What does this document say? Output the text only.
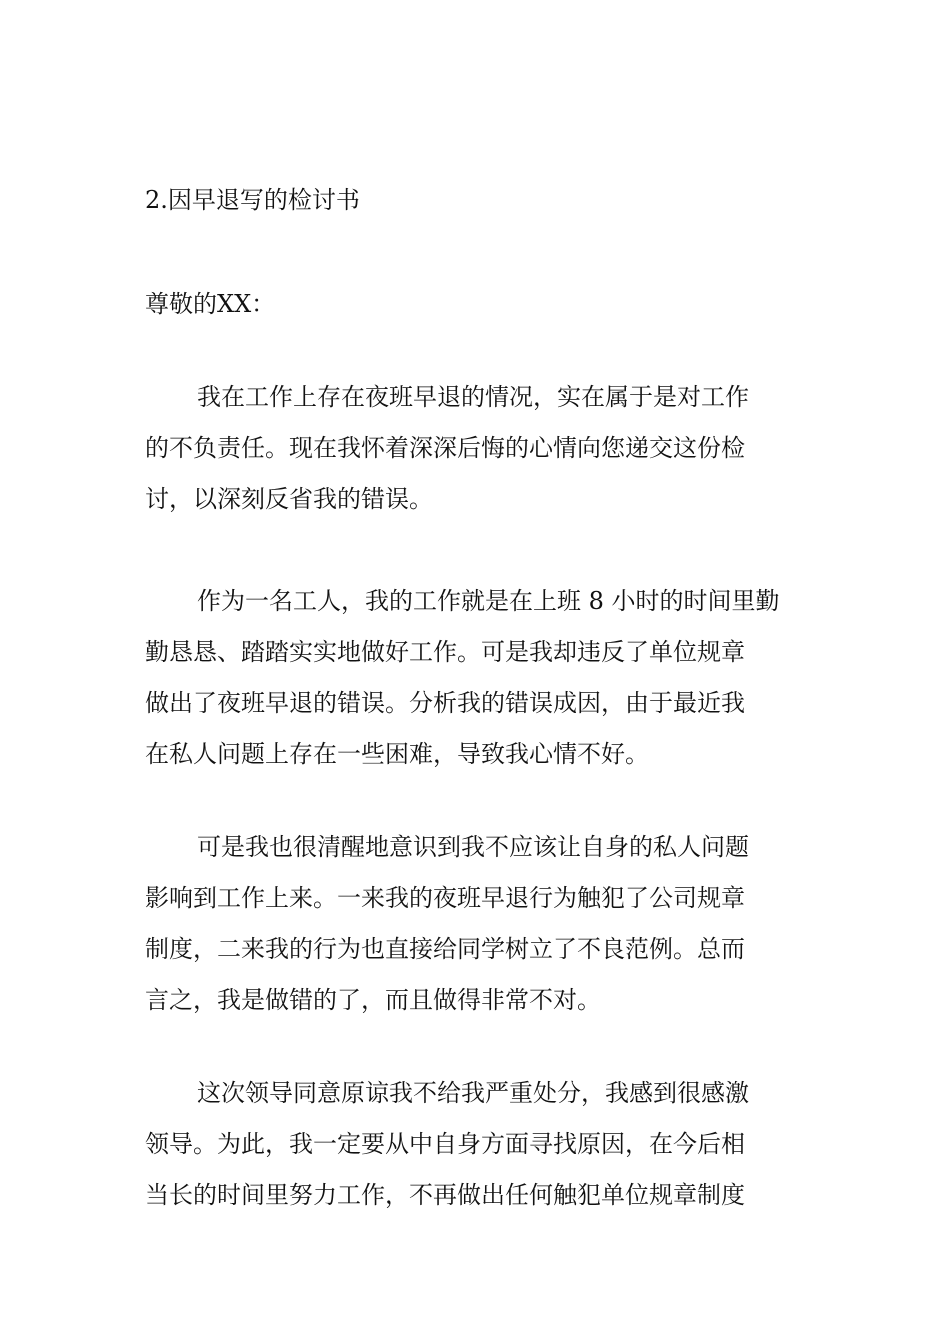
2.因早退写的检讨书

尊敬的XX：

我在工作上存在夜班早退的情况，实在属于是对工作
的不负责任。现在我怀着深深后悔的心情向您递交这份检
讨，以深刻反省我的错误。
作为一名工人，我的工作就是在上班 8 小时的时间里勤
勤恳恳、踏踏实实地做好工作。可是我却违反了单位规章
做出了夜班早退的错误。分析我的错误成因，由于最近我
在私人问题上存在一些困难，导致我心情不好。
可是我也很清醒地意识到我不应该让自身的私人问题
影响到工作上来。一来我的夜班早退行为触犯了公司规章
制度，二来我的行为也直接给同学树立了不良范例。总而
言之，我是做错的了，而且做得非常不对。
这次领导同意原谅我不给我严重处分，我感到很感激
领导。为此，我一定要从中自身方面寻找原因，在今后相
当长的时间里努力工作，不再做出任何触犯单位规章制度
